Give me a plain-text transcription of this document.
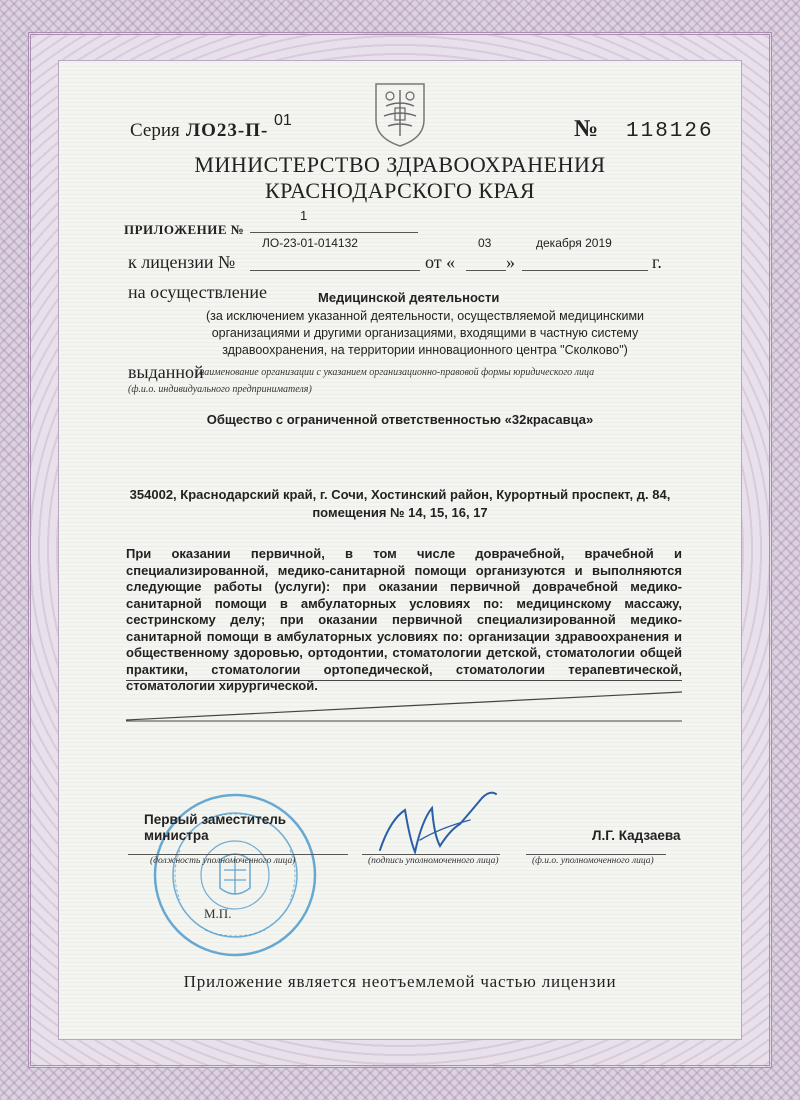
Серия ЛО23-П- 01	№ 118126
МИНИСТЕРСТВО ЗДРАВООХРАНЕНИЯ
КРАСНОДАРСКОГО КРАЯ
ПРИЛОЖЕНИЕ №
1
к лицензии №
ЛО-23-01-014132
от «
03
»
декабря 2019
г.
на осуществление	Медицинской деятельности
(за исключением указанной деятельности, осуществляемой медицинскими организациями и другими организациями, входящими в частную систему здравоохранения, на территории инновационного центра "Сколково")
выданной
(наименование организации с указанием организационно-правовой формы юридического лица
(ф.и.о. индивидуального предпринимателя)
Общество с ограниченной ответственностью «32красавца»
354002, Краснодарский край, г. Сочи, Хостинский район, Курортный проспект, д. 84,
помещения № 14, 15, 16, 17
При оказании первичной, в том числе доврачебной, врачебной и специализированной, медико-санитарной помощи организуются и выполняются следующие работы (услуги): при оказании первичной доврачебной медико-санитарной помощи в амбулаторных условиях по: медицинскому массажу, сестринскому делу; при оказании первичной специализированной медико-санитарной помощи в амбулаторных условиях по: организации здравоохранения и общественному здоровью, ортодонтии, стоматологии детской, стоматологии общей практики, стоматологии ортопедической, стоматологии терапевтической, стоматологии хирургической.
Первый заместитель
министра	Л.Г. Кадзаева
(должность уполномоченного лица)	(подпись уполномоченного лица)	(ф.и.о. уполномоченного лица)
М.П.
Приложение является неотъемлемой частью лицензии
